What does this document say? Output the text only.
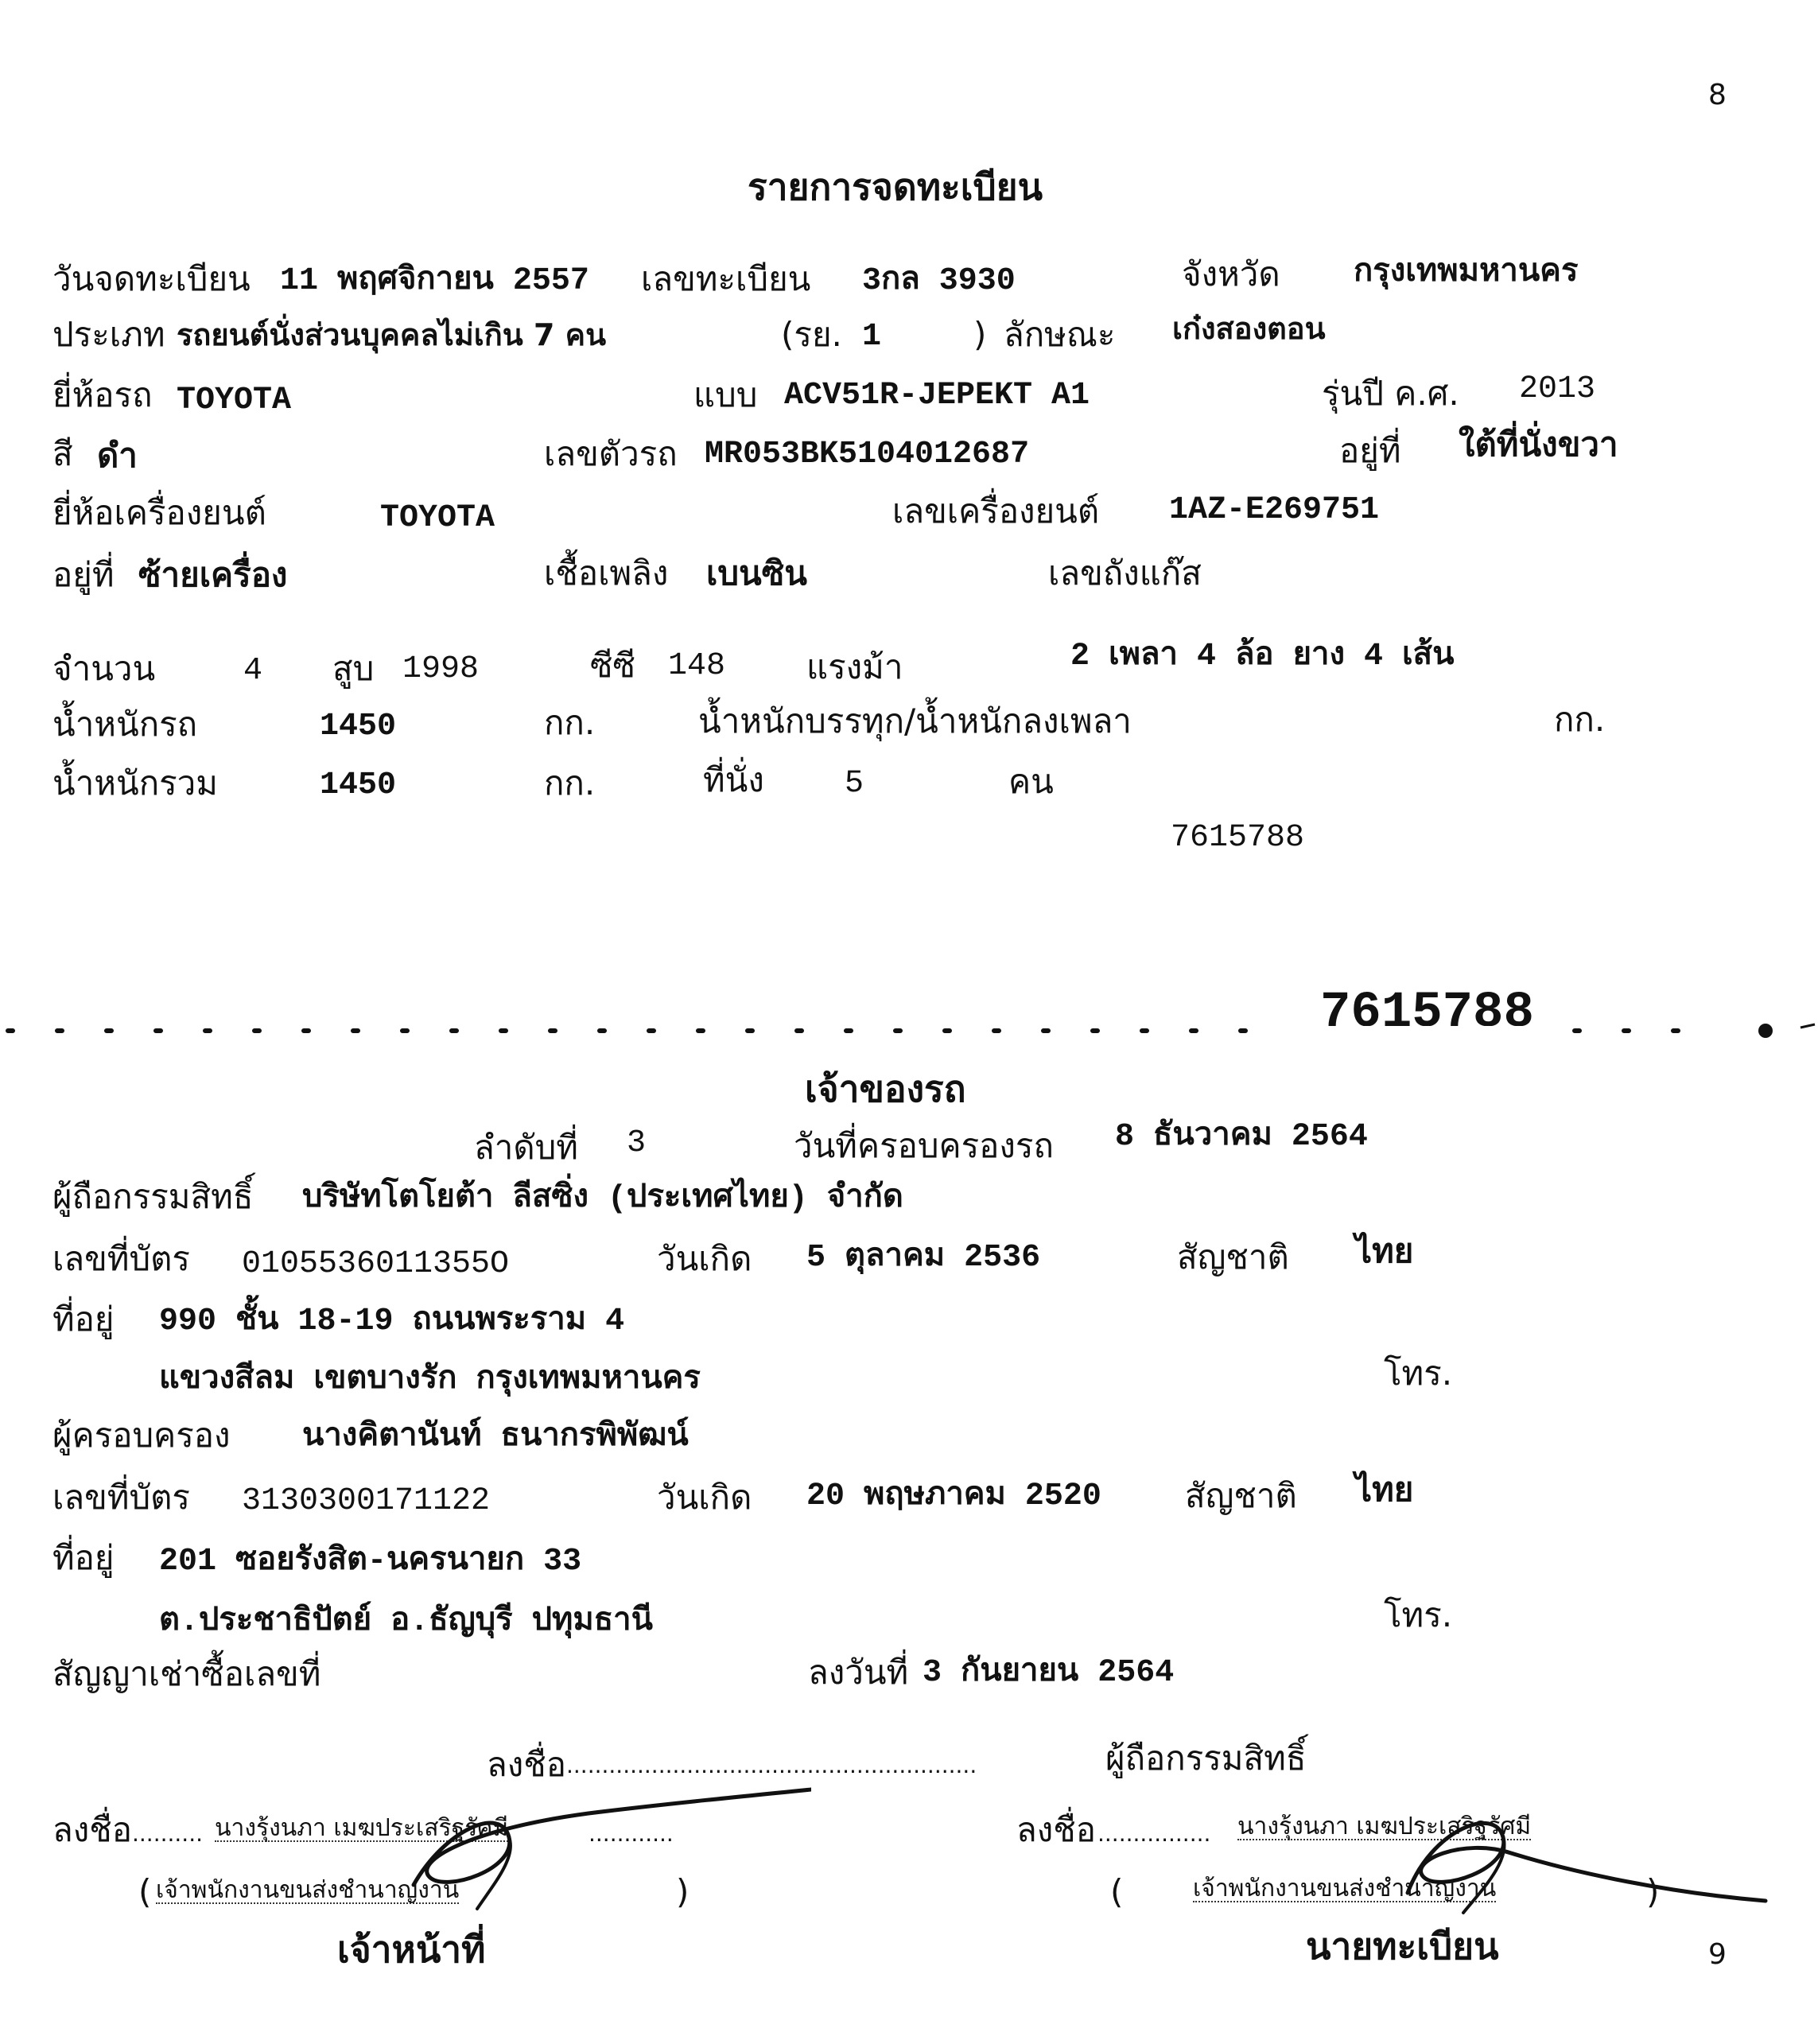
8
รายการจดทะเบียน
วันจดทะเบียน 11 พฤศจิกายน 2557 เลขทะเบียน 3กล 3930	จังหวัด กรุงเทพมหานคร
ประเภท รถยนต์นั่งส่วนบุคคลไม่เกิน 7 คน	(รย. 1	) ลักษณะ เก๋งสองตอน
ยี่ห้อรถ TOYOTA	แบบ ACV51R-JEPEKT A1	รุ่นปี ค.ศ. 2013
สี ดำ	เลขตัวรถ MR053BK5104012687	อยู่ที่ ใต้ที่นั่งขวา
ยี่ห้อเครื่องยนต์	TOYOTA	เลขเครื่องยนต์ 1AZ-E269751
อยู่ที่ ซ้ายเครื่อง	เชื้อเพลิง เบนซิน	เลขถังแก๊ส
จำนวน	4 สูบ 1998	ซีซี 148 แรงม้า	2 เพลา 4 ล้อ ยาง 4 เส้น
น้ำหนักรถ	1450	กก.	น้ำหนักบรรทุก/น้ำหนักลงเพลา	กก.
น้ำหนักรวม	1450	กก.	ที่นั่ง	5	คน
7615788
7615788
เจ้าของรถ
ลำดับที่ 3	วันที่ครอบครองรถ 8 ธันวาคม 2564
ผู้ถือกรรมสิทธิ์ บริษัทโตโยต้า ลีสซิ่ง (ประเทศไทย) จำกัด
เลขที่บัตร 0105536011355O	วันเกิด 5 ตุลาคม 2536	สัญชาติ ไทย
ที่อยู่ 990 ชั้น 18-19 ถนนพระราม 4
แขวงสีลม เขตบางรัก กรุงเทพมหานคร	โทร.
ผู้ครอบครอง นางคิตานันท์ ธนากรพิพัฒน์
เลขที่บัตร 3130300171122	วันเกิด 20 พฤษภาคม 2520	สัญชาติ ไทย
ที่อยู่ 201 ซอยรังสิต-นครนายก 33
ต.ประชาธิปัตย์ อ.ธัญบุรี ปทุมธานี	โทร.
สัญญาเช่าซื้อเลขที่	ลงวันที่ 3 กันยายน 2564
ลงชื่อ ..........................................................	ผู้ถือกรรมสิทธิ์
ลงชื่อ .......... นางรุ้งนภา เมฆประเสริฐรัศมี	............
( เจ้าพนักงานขนส่งชำนาญงาน	)
เจ้าหน้าที่
ลงชื่อ ................ นางรุ้งนภา เมฆประเสริฐรัศมี
(	เจ้าพนักงานขนส่งชำนาญงาน	)
นายทะเบียน	9
